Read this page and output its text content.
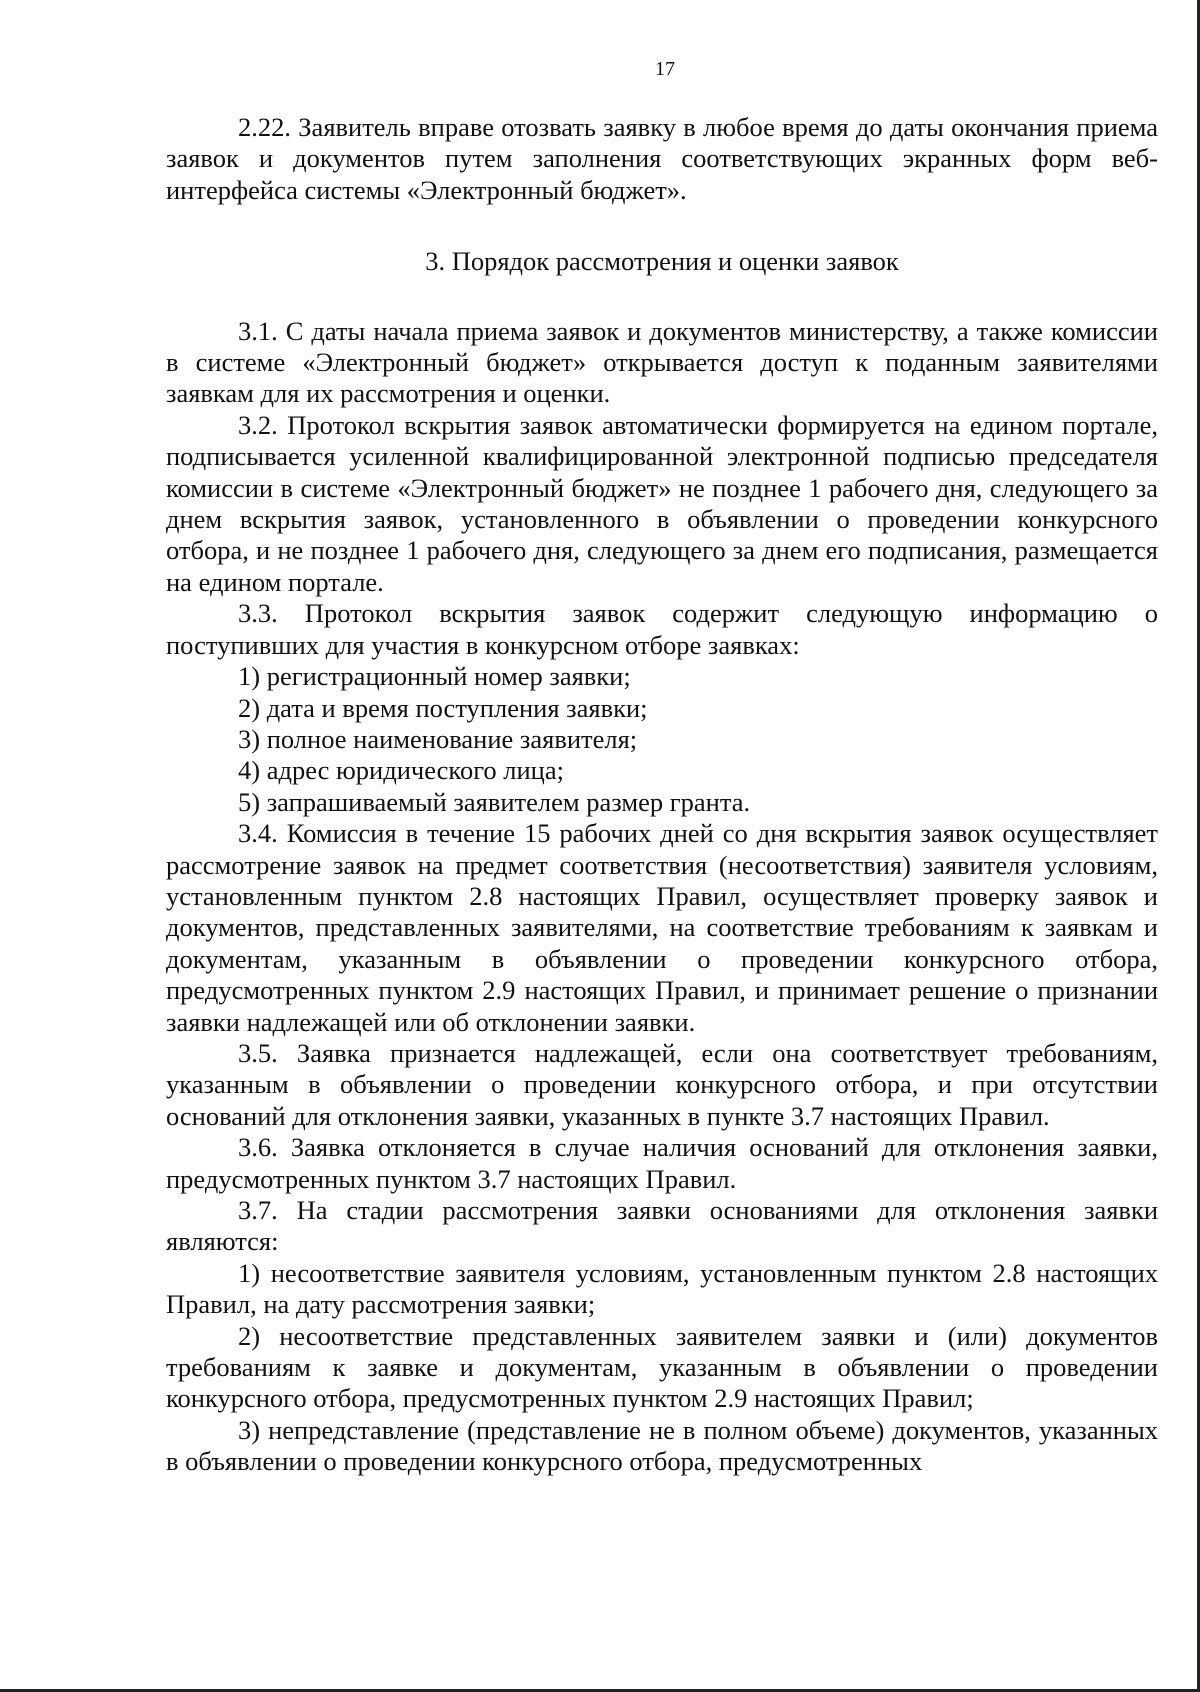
17

2.22. Заявитель вправе отозвать заявку в любое время до даты окончания приема заявок и документов путем заполнения соответствующих экранных форм веб-интерфейса системы «Электронный бюджет».

3. Порядок рассмотрения и оценки заявок

3.1. С даты начала приема заявок и документов министерству, а также комиссии в системе «Электронный бюджет» открывается доступ к поданным заявителями заявкам для их рассмотрения и оценки.

3.2. Протокол вскрытия заявок автоматически формируется на едином портале, подписывается усиленной квалифицированной электронной подписью председателя комиссии в системе «Электронный бюджет» не позднее 1 рабочего дня, следующего за днем вскрытия заявок, установленного в объявлении о проведении конкурсного отбора, и не позднее 1 рабочего дня, следующего за днем его подписания, размещается на едином портале.

3.3. Протокол вскрытия заявок содержит следующую информацию о поступивших для участия в конкурсном отборе заявках:

1) регистрационный номер заявки;

2) дата и время поступления заявки;

3) полное наименование заявителя;

4) адрес юридического лица;

5) запрашиваемый заявителем размер гранта.

3.4. Комиссия в течение 15 рабочих дней со дня вскрытия заявок осуществляет рассмотрение заявок на предмет соответствия (несоответствия) заявителя условиям, установленным пунктом 2.8 настоящих Правил, осуществляет проверку заявок и документов, представленных заявителями, на соответствие требованиям к заявкам и документам, указанным в объявлении о проведении конкурсного отбора, предусмотренных пунктом 2.9 настоящих Правил, и принимает решение о признании заявки надлежащей или об отклонении заявки.

3.5. Заявка признается надлежащей, если она соответствует требованиям, указанным в объявлении о проведении конкурсного отбора, и при отсутствии оснований для отклонения заявки, указанных в пункте 3.7 настоящих Правил.

3.6. Заявка отклоняется в случае наличия оснований для отклонения заявки, предусмотренных пунктом 3.7 настоящих Правил.

3.7. На стадии рассмотрения заявки основаниями для отклонения заявки являются:

1) несоответствие заявителя условиям, установленным пунктом 2.8 настоящих Правил, на дату рассмотрения заявки;

2) несоответствие представленных заявителем заявки и (или) документов требованиям к заявке и документам, указанным в объявлении о проведении конкурсного отбора, предусмотренных пунктом 2.9 настоящих Правил;

3) непредставление (представление не в полном объеме) документов, указанных в объявлении о проведении конкурсного отбора, предусмотренных
